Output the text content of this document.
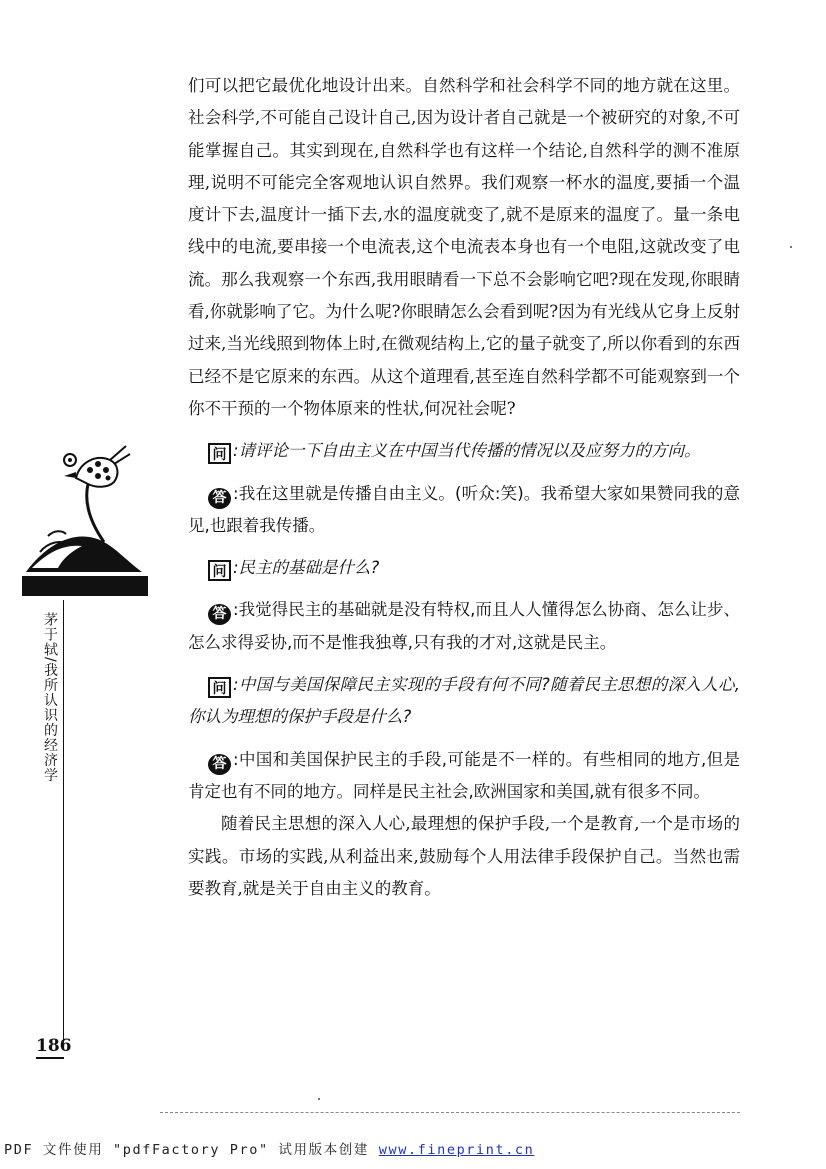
茅于轼/我所认识的经济学

们可以把它最优化地设计出来。自然科学和社会科学不同的地方就在这里。社会科学,不可能自己设计自己,因为设计者自己就是一个被研究的对象,不可能掌握自己。其实到现在,自然科学也有这样一个结论,自然科学的测不准原理,说明不可能完全客观地认识自然界。我们观察一杯水的温度,要插一个温度计下去,温度计一插下去,水的温度就变了,就不是原来的温度了。量一条电线中的电流,要串接一个电流表,这个电流表本身也有一个电阻,这就改变了电流。那么我观察一个东西,我用眼睛看一下总不会影响它吧?现在发现,你眼睛看,你就影响了它。为什么呢?你眼睛怎么会看到呢?因为有光线从它身上反射过来,当光线照到物体上时,在微观结构上,它的量子就变了,所以你看到的东西已经不是它原来的东西。从这个道理看,甚至连自然科学都不可能观察到一个你不干预的一个物体原来的性状,何况社会呢?

问 :请评论一下自由主义在中国当代传播的情况以及应努力的方向。

答 :我在这里就是传播自由主义。(听众:笑)。我希望大家如果赞同我的意见,也跟着我传播。

问 :民主的基础是什么?

答 :我觉得民主的基础就是没有特权,而且人人懂得怎么协商、怎么让步、怎么求得妥协,而不是惟我独尊,只有我的才对,这就是民主。

问 :中国与美国保障民主实现的手段有何不同?随着民主思想的深入人心,你认为理想的保护手段是什么?

答 :中国和美国保护民主的手段,可能是不一样的。有些相同的地方,但是肯定也有不同的地方。同样是民主社会,欧洲国家和美国,就有很多不同。

随着民主思想的深入人心,最理想的保护手段,一个是教育,一个是市场的实践。市场的实践,从利益出来,鼓励每个人用法律手段保护自己。当然也需要教育,就是关于自由主义的教育。

186
PDF 文件使用 "pdfFactory Pro" 试用版本创建 www.fineprint.cn
